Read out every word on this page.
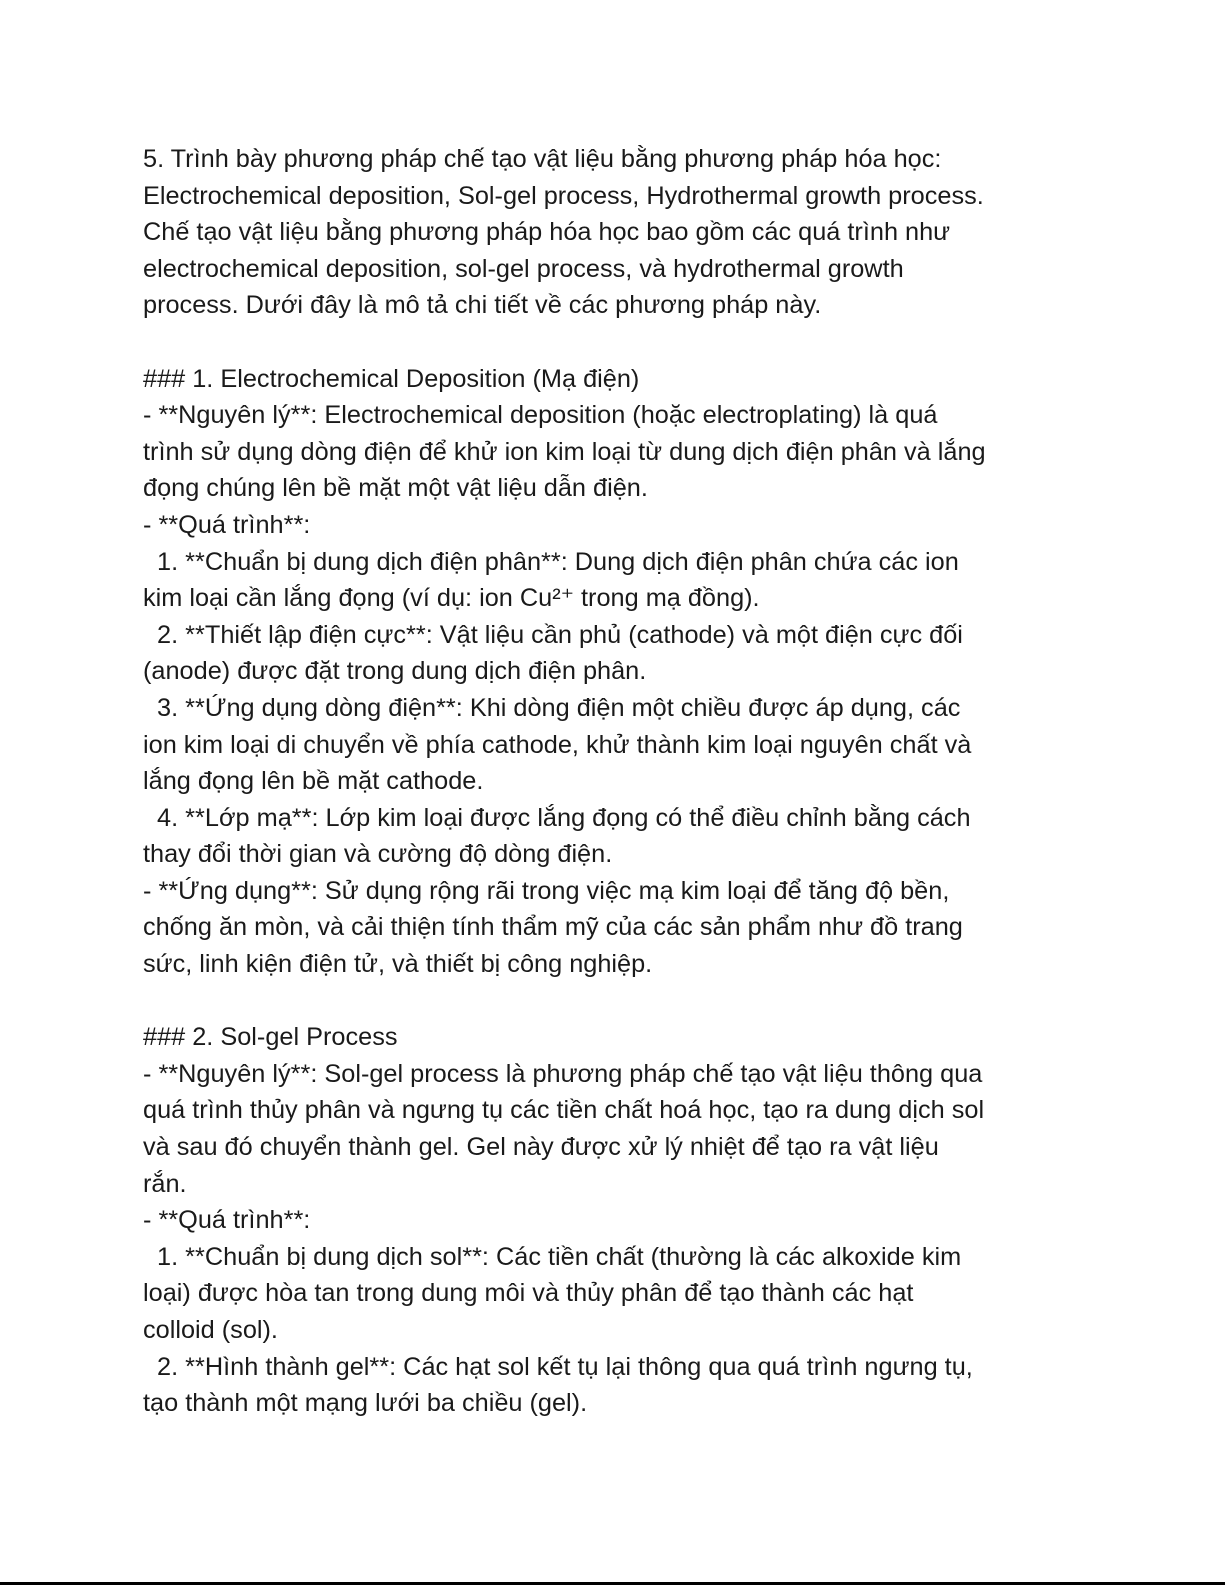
5. Trình bày phương pháp chế tạo vật liệu bằng phương pháp hóa học:
Electrochemical deposition, Sol-gel process, Hydrothermal growth process.
Chế tạo vật liệu bằng phương pháp hóa học bao gồm các quá trình như
electrochemical deposition, sol-gel process, và hydrothermal growth
process. Dưới đây là mô tả chi tiết về các phương pháp này.
### 1. Electrochemical Deposition (Mạ điện)
- **Nguyên lý**: Electrochemical deposition (hoặc electroplating) là quá
trình sử dụng dòng điện để khử ion kim loại từ dung dịch điện phân và lắng
đọng chúng lên bề mặt một vật liệu dẫn điện.
- **Quá trình**:
1. **Chuẩn bị dung dịch điện phân**: Dung dịch điện phân chứa các ion
kim loại cần lắng đọng (ví dụ: ion Cu²⁺ trong mạ đồng).
2. **Thiết lập điện cực**: Vật liệu cần phủ (cathode) và một điện cực đối
(anode) được đặt trong dung dịch điện phân.
3. **Ứng dụng dòng điện**: Khi dòng điện một chiều được áp dụng, các
ion kim loại di chuyển về phía cathode, khử thành kim loại nguyên chất và
lắng đọng lên bề mặt cathode.
4. **Lớp mạ**: Lớp kim loại được lắng đọng có thể điều chỉnh bằng cách
thay đổi thời gian và cường độ dòng điện.
- **Ứng dụng**: Sử dụng rộng rãi trong việc mạ kim loại để tăng độ bền,
chống ăn mòn, và cải thiện tính thẩm mỹ của các sản phẩm như đồ trang
sức, linh kiện điện tử, và thiết bị công nghiệp.
### 2. Sol-gel Process
- **Nguyên lý**: Sol-gel process là phương pháp chế tạo vật liệu thông qua
quá trình thủy phân và ngưng tụ các tiền chất hoá học, tạo ra dung dịch sol
và sau đó chuyển thành gel. Gel này được xử lý nhiệt để tạo ra vật liệu
rắn.
- **Quá trình**:
1. **Chuẩn bị dung dịch sol**: Các tiền chất (thường là các alkoxide kim
loại) được hòa tan trong dung môi và thủy phân để tạo thành các hạt
colloid (sol).
2. **Hình thành gel**: Các hạt sol kết tụ lại thông qua quá trình ngưng tụ,
tạo thành một mạng lưới ba chiều (gel).
